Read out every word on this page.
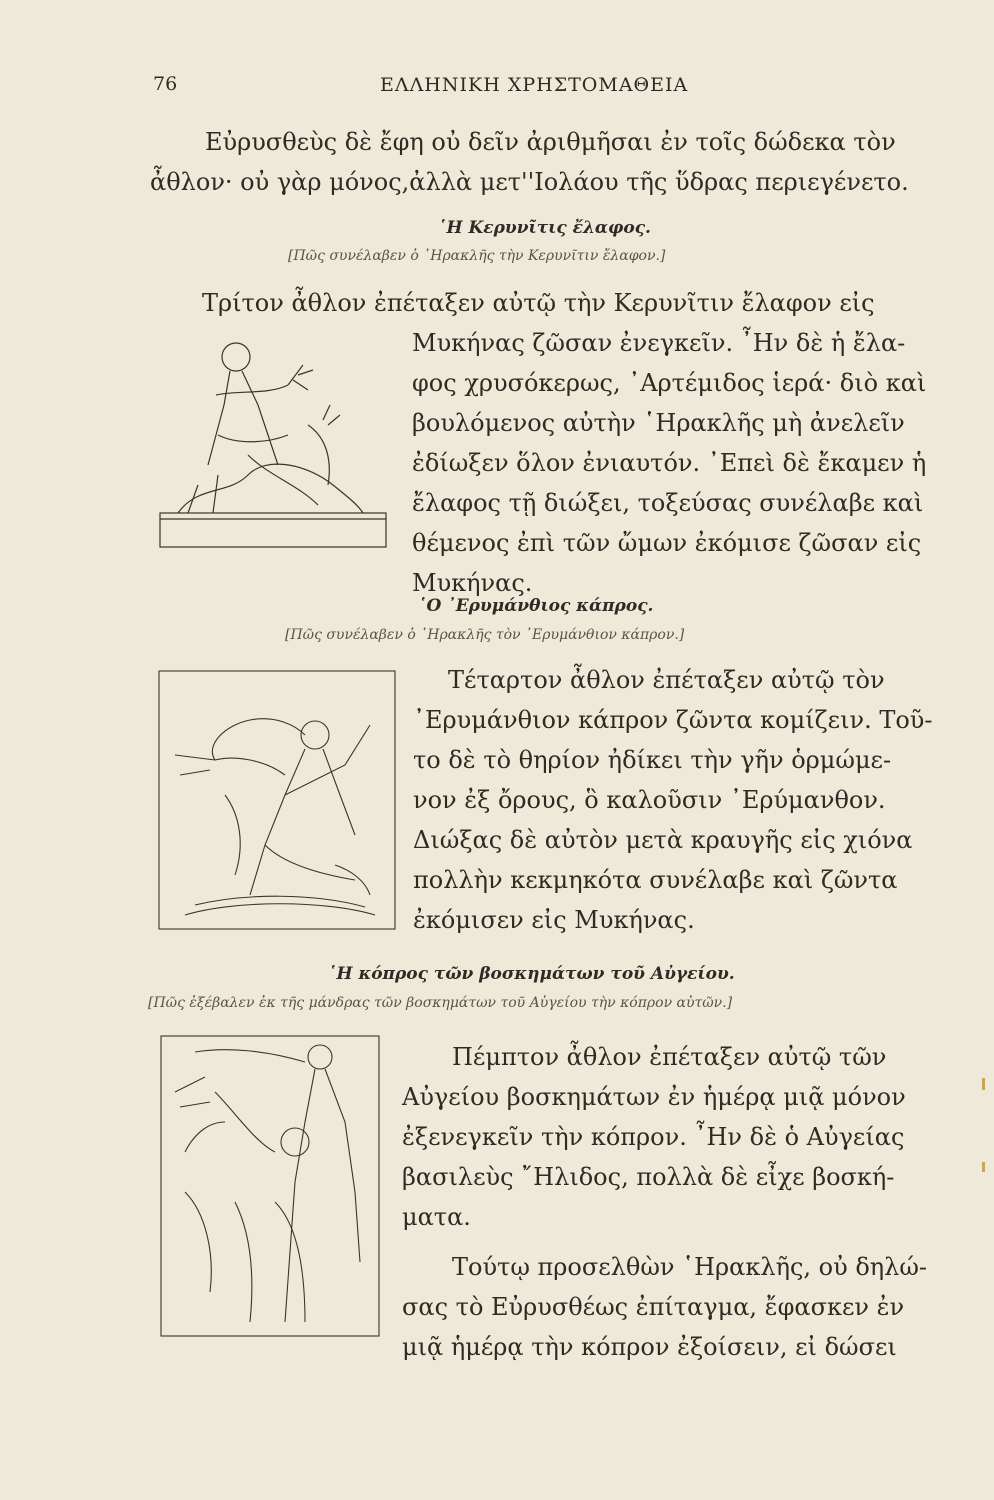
76	ΕΛΛΗΝΙΚΗ ΧΡΗΣΤΟΜΑΘΕΙΑ
Εὐρυσθεὺς δὲ ἔφη οὐ δεῖν ἀριθμῆσαι ἐν τοῖς δώδεκα τὸν
ἆθλον· οὐ γὰρ μόνος,ἀλλὰ μετ''Ιολάου τῆς ὕδρας περιεγένετο.
῾Η Κερυνῖτις ἔλαφος.
[Πῶς συνέλαβεν ὁ ῾Ηρακλῆς τὴν Κερυνῖτιν ἔλαφον.]
Τρίτον ἆθλον ἐπέταξεν αὐτῷ τὴν Κερυνῖτιν ἔλαφον εἰς
Μυκήνας ζῶσαν ἐνεγκεῖν. ῏Ην δὲ ἡ ἔλα-
φος χρυσόκερως, ᾿Αρτέμιδος ἱερά· διὸ καὶ
βουλόμενος αὐτὴν ῾Ηρακλῆς μὴ ἀνελεῖν
ἐδίωξεν ὅλον ἐνιαυτόν. ᾿Επεὶ δὲ ἔκαμεν ἡ
ἔλαφος τῇ διώξει, τοξεύσας συνέλαβε καὶ
θέμενος ἐπὶ τῶν ὤμων ἐκόμισε ζῶσαν εἰς
Μυκήνας.
῾Ο ᾿Ερυμάνθιος κάπρος.
[Πῶς συνέλαβεν ὁ ῾Ηρακλῆς τὸν ᾿Ερυμάνθιον κάπρον.]
Τέταρτον ἆθλον ἐπέταξεν αὐτῷ τὸν
᾿Ερυμάνθιον κάπρον ζῶντα κομίζειν. Τοῦ-
το δὲ τὸ θηρίον ἠδίκει τὴν γῆν ὁρμώμε-
νον ἐξ ὄρους, ὃ καλοῦσιν ᾿Ερύμανθον.
Διώξας δὲ αὐτὸν μετὰ κραυγῆς εἰς χιόνα
πολλὴν κεκμηκότα συνέλαβε καὶ ζῶντα
ἐκόμισεν εἰς Μυκήνας.
῾Η κόπρος τῶν βοσκημάτων τοῦ Αὐγείου.
[Πῶς ἐξέβαλεν ἐκ τῆς μάνδρας τῶν βοσκημάτων τοῦ Αὐγείου τὴν κόπρον αὐτῶν.]
Πέμπτον ἆθλον ἐπέταξεν αὐτῷ τῶν
Αὐγείου βοσκημάτων ἐν ἡμέρᾳ μιᾷ μόνον
ἐξενεγκεῖν τὴν κόπρον. ῏Ην δὲ ὁ Αὐγείας
βασιλεὺς ῎Ηλιδος, πολλὰ δὲ εἶχε βοσκή-
ματα.
Τούτῳ προσελθὼν ῾Ηρακλῆς, οὐ δηλώ-
σας τὸ Εὐρυσθέως ἐπίταγμα, ἔφασκεν ἐν
μιᾷ ἡμέρᾳ τὴν κόπρον ἐξοίσειν, εἰ δώσει
